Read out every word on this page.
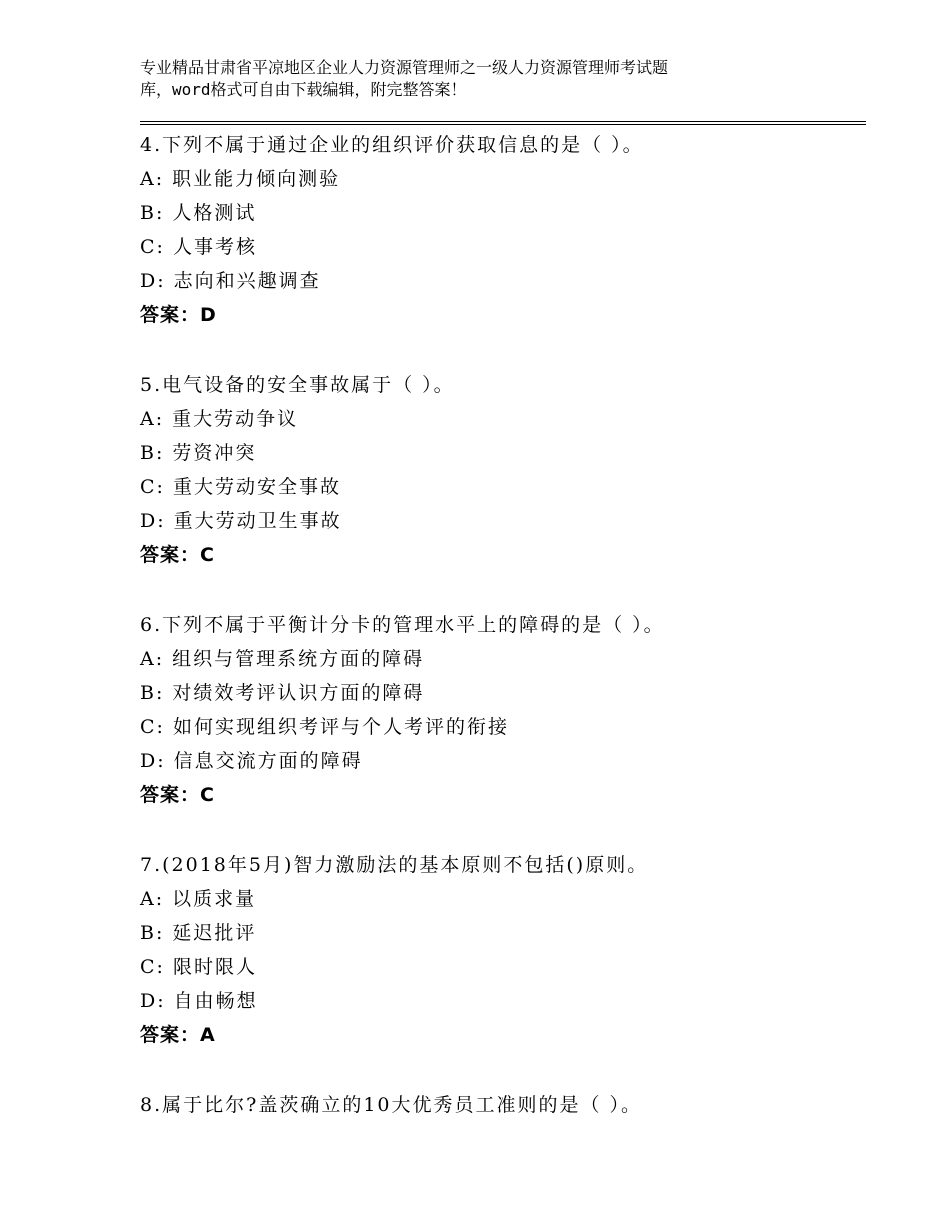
专业精品甘肃省平凉地区企业人力资源管理师之一级人力资源管理师考试题
库，word格式可自由下载编辑，附完整答案！
4.下列不属于通过企业的组织评价获取信息的是（ ）。
A: 职业能力倾向测验
B: 人格测试
C: 人事考核
D: 志向和兴趣调查
答案：D
5.电气设备的安全事故属于（ ）。
A: 重大劳动争议
B: 劳资冲突
C: 重大劳动安全事故
D: 重大劳动卫生事故
答案：C
6.下列不属于平衡计分卡的管理水平上的障碍的是（ ）。
A: 组织与管理系统方面的障碍
B: 对绩效考评认识方面的障碍
C: 如何实现组织考评与个人考评的衔接
D: 信息交流方面的障碍
答案：C
7.(2018年5月)智力激励法的基本原则不包括()原则。
A: 以质求量
B: 延迟批评
C: 限时限人
D: 自由畅想
答案：A
8.属于比尔?盖茨确立的10大优秀员工准则的是（ ）。
